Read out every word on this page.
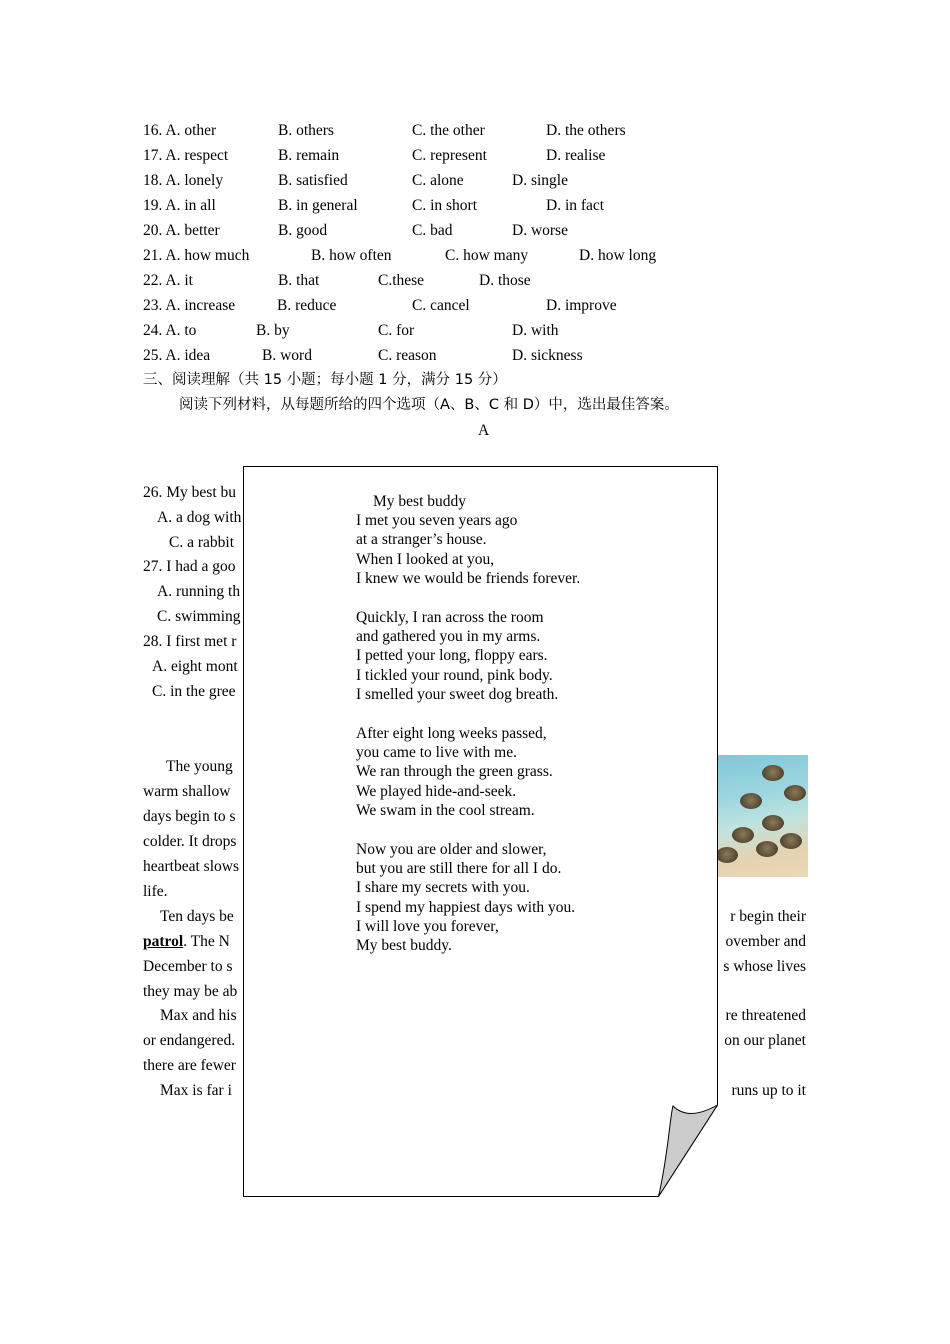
16. A. other	B. others	C. the other	D. the others
17. A. respect	B. remain	C. represent	D. realise
18. A. lonely	B. satisfied	C. alone	D. single
19. A. in all	B. in general	C. in short	D. in fact
20. A. better	B. good	C. bad	D. worse
21. A. how much	B. how often	C. how many	D. how long
22. A. it	B. that	C.these	D. those
23. A. increase	B. reduce	C. cancel	D. improve
24. A. to	B. by	C. for	D. with
25. A. idea	B. word	C. reason	D. sickness
三、阅读理解（共 15 小题；每小题 1 分，满分 15 分）
阅读下列材料，从每题所给的四个选项（A、B、C 和 D）中，选出最佳答案。
A
26. My best bu
A. a dog with
C. a rabbit
27. I had a goo
A. running th
C. swimming
28. I first met r
A. eight mont
C. in the gree
The young
warm shallow
days begin to s
colder. It drops
heartbeat slows
life.
Ten days be	r begin their
patrol. The N	ovember and
December to s	s whose lives
they may be ab
Max and his	re threatened
or endangered.	on our planet
there are fewer
Max is far i	runs up to it
My best buddy
I met you seven years ago
at a stranger’s house.
When I looked at you,
I knew we would be friends forever.
Quickly, I ran across the room
and gathered you in my arms.
I petted your long, floppy ears.
I tickled your round, pink body.
I smelled your sweet dog breath.
After eight long weeks passed,
you came to live with me.
We ran through the green grass.
We played hide-and-seek.
We swam in the cool stream.
Now you are older and slower,
but you are still there for all I do.
I share my secrets with you.
I spend my happiest days with you.
I will love you forever,
My best buddy.
